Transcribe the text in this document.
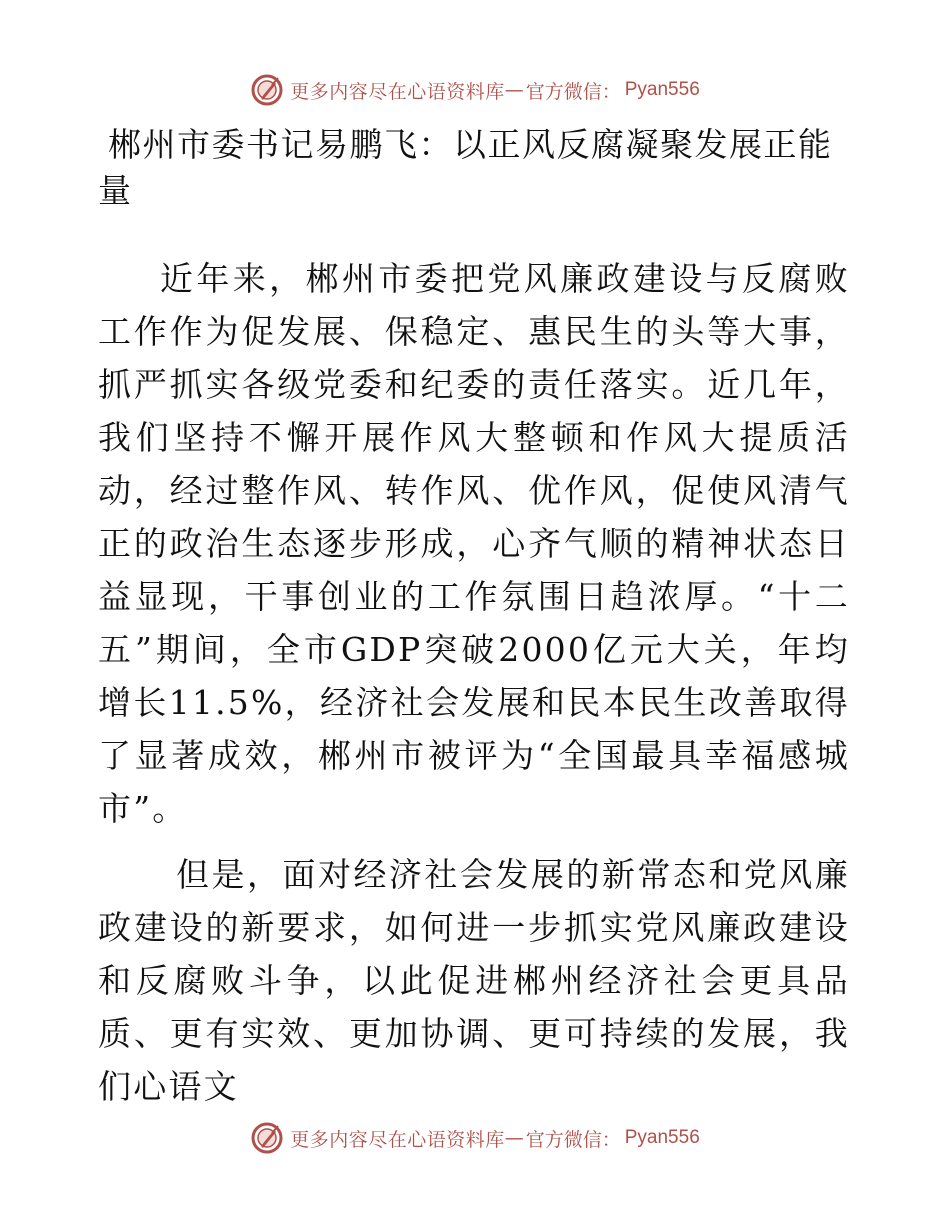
更多内容尽在心语资料库 — 官方微信： Pyan556
郴州市委书记易鹏飞：以正风反腐凝聚发展正能量

近年来，郴州市委把党风廉政建设与反腐败工作作为促发展、保稳定、惠民生的头等大事，抓严抓实各级党委和纪委的责任落实。近几年，我们坚持不懈开展作风大整顿和作风大提质活动，经过整作风、转作风、优作风，促使风清气正的政治生态逐步形成，心齐气顺的精神状态日益显现，干事创业的工作氛围日趋浓厚。“十二五”期间，全市GDP突破2000亿元大关，年均增长11.5%，经济社会发展和民本民生改善取得了显著成效，郴州市被评为“全国最具幸福感城市”。

但是，面对经济社会发展的新常态和党风廉政建设的新要求，如何进一步抓实党风廉政建设和反腐败斗争，以此促进郴州经济社会更具品质、更有实效、更加协调、更可持续的发展，我们心语文

更多内容尽在心语资料库 — 官方微信： Pyan556
